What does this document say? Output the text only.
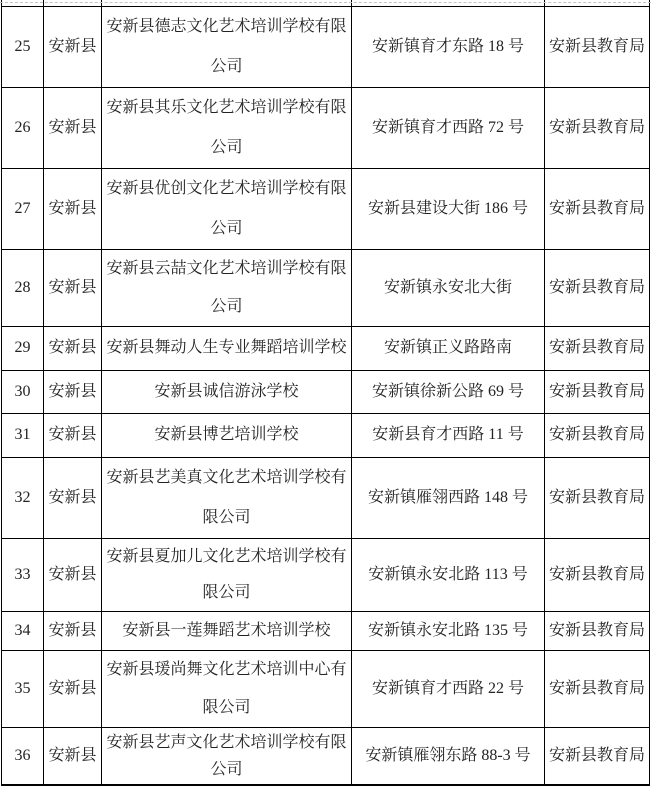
25	安新县	安新县德志文化艺术培训学校有限公司	安新镇育才东路 18 号	安新县教育局
26	安新县	安新县其乐文化艺术培训学校有限公司	安新镇育才西路 72 号	安新县教育局
27	安新县	安新县优创文化艺术培训学校有限公司	安新县建设大街 186 号	安新县教育局
28	安新县	安新县云喆文化艺术培训学校有限公司	安新镇永安北大街	安新县教育局
29	安新县	安新县舞动人生专业舞蹈培训学校	安新镇正义路路南	安新县教育局
30	安新县	安新县诚信游泳学校	安新镇徐新公路 69 号	安新县教育局
31	安新县	安新县博艺培训学校	安新县育才西路 11 号	安新县教育局
32	安新县	安新县艺美真文化艺术培训学校有限公司	安新镇雁翎西路 148 号	安新县教育局
33	安新县	安新县夏加儿文化艺术培训学校有限公司	安新镇永安北路 113 号	安新县教育局
34	安新县	安新县一莲舞蹈艺术培训学校	安新镇永安北路 135 号	安新县教育局
35	安新县	安新县瑗尚舞文化艺术培训中心有限公司	安新镇育才西路 22 号	安新县教育局
36	安新县	安新县艺声文化艺术培训学校有限公司	安新镇雁翎东路 88-3 号	安新县教育局
